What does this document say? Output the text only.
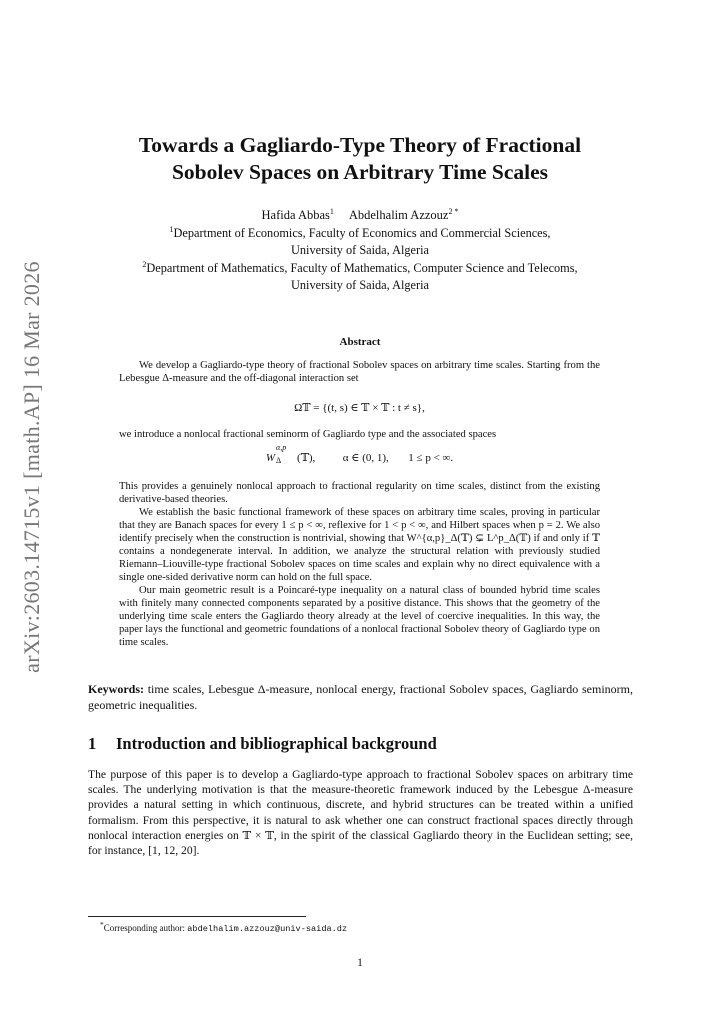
arXiv:2603.14715v1 [math.AP] 16 Mar 2026
Towards a Gagliardo-Type Theory of Fractional
Sobolev Spaces on Arbitrary Time Scales
Hafida Abbas$^1$ Abdelhalim Azzouz$^{2 *}$
$^1$Department of Economics, Faculty of Economics and Commercial Sciences,
University of Saida, Algeria
$^2$Department of Mathematics, Faculty of Mathematics, Computer Science and Telecoms,
University of Saida, Algeria
Abstract
We develop a Gagliardo-type theory of fractional Sobolev spaces on arbitrary time scales. Starting from the Lebesgue Δ-measure and the off-diagonal interaction set
Ω𝕋 = {(t, s) ∈ 𝕋 × 𝕋 : t ≠ s},
we introduce a nonlocal fractional seminorm of Gagliardo type and the associated spaces
W
α,p
Δ (𝕋),	α ∈ (0, 1), 1 ≤ p < ∞.
This provides a genuinely nonlocal approach to fractional regularity on time scales, distinct from the existing derivative-based theories.
We establish the basic functional framework of these spaces on arbitrary time scales, proving in particular that they are Banach spaces for every 1 ≤ p < ∞, reflexive for 1 < p < ∞, and Hilbert spaces when p = 2. We also identify precisely when the construction is nontrivial, showing that W^{α,p}_Δ(𝕋) ⊊ L^p_Δ(𝕋) if and only if 𝕋 contains a nondegenerate interval. In addition, we analyze the structural relation with previously studied Riemann–Liouville-type fractional Sobolev spaces on time scales and explain why no direct equivalence with a single one-sided derivative norm can hold on the full space.
Our main geometric result is a Poincaré-type inequality on a natural class of bounded hybrid time scales with finitely many connected components separated by a positive distance. This shows that the geometry of the underlying time scale enters the Gagliardo theory already at the level of coercive inequalities. In this way, the paper lays the functional and geometric foundations of a nonlocal fractional Sobolev theory of Gagliardo type on time scales.
Keywords: time scales, Lebesgue Δ-measure, nonlocal energy, fractional Sobolev spaces, Gagliardo seminorm, geometric inequalities.
1 Introduction and bibliographical background
The purpose of this paper is to develop a Gagliardo-type approach to fractional Sobolev spaces on arbitrary time scales. The underlying motivation is that the measure-theoretic framework induced by the Lebesgue Δ-measure provides a natural setting in which continuous, discrete, and hybrid structures can be treated within a unified formalism. From this perspective, it is natural to ask whether one can construct fractional spaces directly through nonlocal interaction energies on 𝕋 × 𝕋, in the spirit of the classical Gagliardo theory in the Euclidean setting; see, for instance, [1, 12, 20].
*Corresponding author: abdelhalim.azzouz@univ-saida.dz
1
